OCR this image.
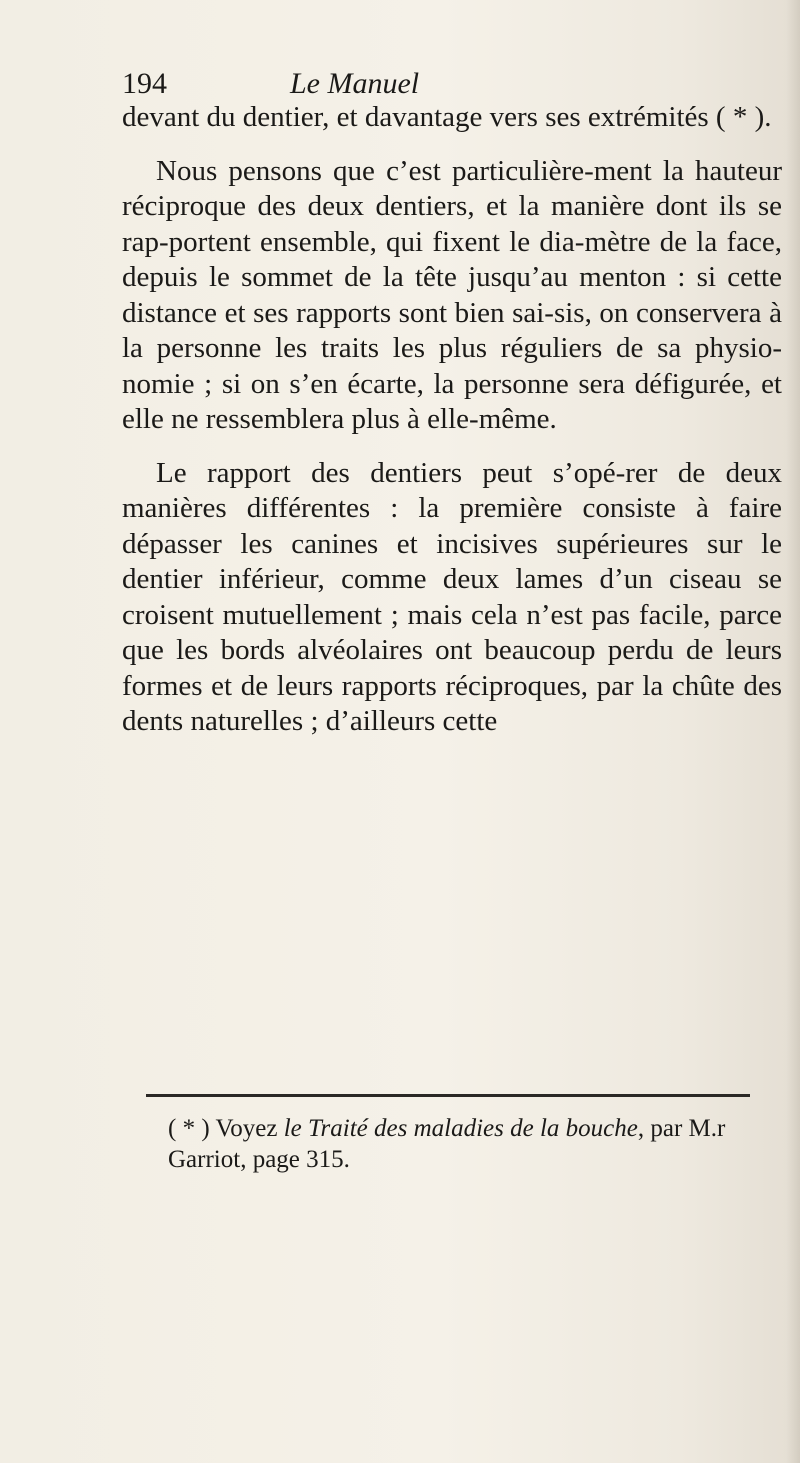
194	Le Manuel

devant du dentier, et davantage vers ses extrémités ( * ).

Nous pensons que c’est particulière-ment la hauteur réciproque des deux dentiers, et la manière dont ils se rap-portent ensemble, qui fixent le dia-mètre de la face, depuis le sommet de la tête jusqu’au menton : si cette distance et ses rapports sont bien sai-sis, on conservera à la personne les traits les plus réguliers de sa physio-nomie ; si on s’en écarte, la personne sera défigurée, et elle ne ressemblera plus à elle-même.

Le rapport des dentiers peut s’opé-rer de deux manières différentes : la première consiste à faire dépasser les canines et incisives supérieures sur le dentier inférieur, comme deux lames d’un ciseau se croisent mutuellement ; mais cela n’est pas facile, parce que les bords alvéolaires ont beaucoup perdu de leurs formes et de leurs rapports réciproques, par la chûte des dents naturelles ; d’ailleurs cette

( * ) Voyez le Traité des maladies de la bouche, par M.r Garriot, page 315.
